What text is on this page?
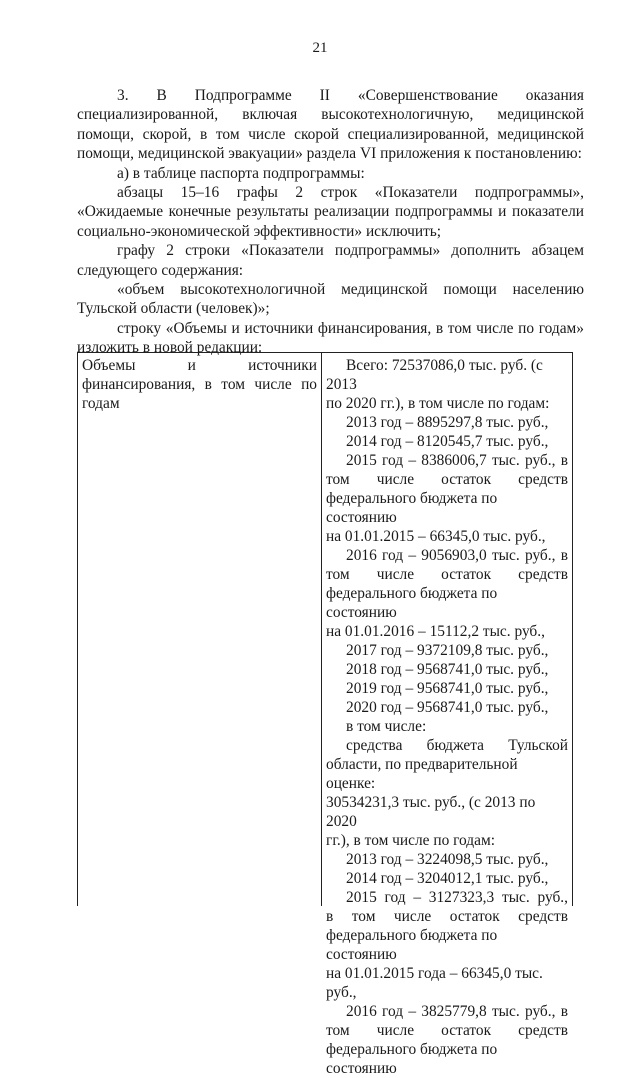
21

3.      В      Подпрограмме      II      «Совершенствование      оказания

специализированной, включая высокотехнологичную, медицинской помощи, скорой, в том числе скорой специализированной, медицинской помощи, медицинской эвакуации» раздела VI приложения к постановлению:

а) в таблице паспорта подпрограммы:

абзацы 15–16 графы 2 строк «Показатели подпрограммы»,

«Ожидаемые конечные результаты реализации подпрограммы и показатели социально-экономической эффективности» исключить;

графу 2 строки «Показатели подпрограммы» дополнить абзацем следующего содержания:

«объем высокотехнологичной медицинской помощи населению Тульской области (человек)»;

строку «Объемы и источники финансирования, в том числе по годам» изложить в новой редакции:

Объемы и источники

финансирования, в том числе по

годам

Всего: 72537086,0 тыс. руб. (с 2013

по 2020 гг.), в том числе по годам:

2013 год – 8895297,8 тыс. руб.,

2014 год – 8120545,7 тыс. руб.,

2015 год – 8386006,7 тыс. руб., в

том числе остаток средств

федерального бюджета по состоянию

на 01.01.2015 – 66345,0 тыс. руб.,

2016 год – 9056903,0 тыс. руб., в

том числе остаток средств

федерального бюджета по состоянию

на 01.01.2016 – 15112,2 тыс. руб.,

2017 год – 9372109,8 тыс. руб.,

2018 год – 9568741,0 тыс. руб.,

2019 год – 9568741,0 тыс. руб.,

2020 год – 9568741,0 тыс. руб.,

в том числе:

средства бюджета Тульской

области, по предварительной оценке:

30534231,3 тыс. руб., (с 2013 по 2020

гг.), в том числе по годам:

2013 год – 3224098,5 тыс. руб.,

2014 год – 3204012,1 тыс. руб.,

2015 год – 3127323,3 тыс. руб.,

в том числе остаток средств

федерального бюджета по состоянию

на 01.01.2015 года – 66345,0 тыс. руб.,

2016 год – 3825779,8 тыс. руб., в

том числе остаток средств

федерального бюджета по состоянию
